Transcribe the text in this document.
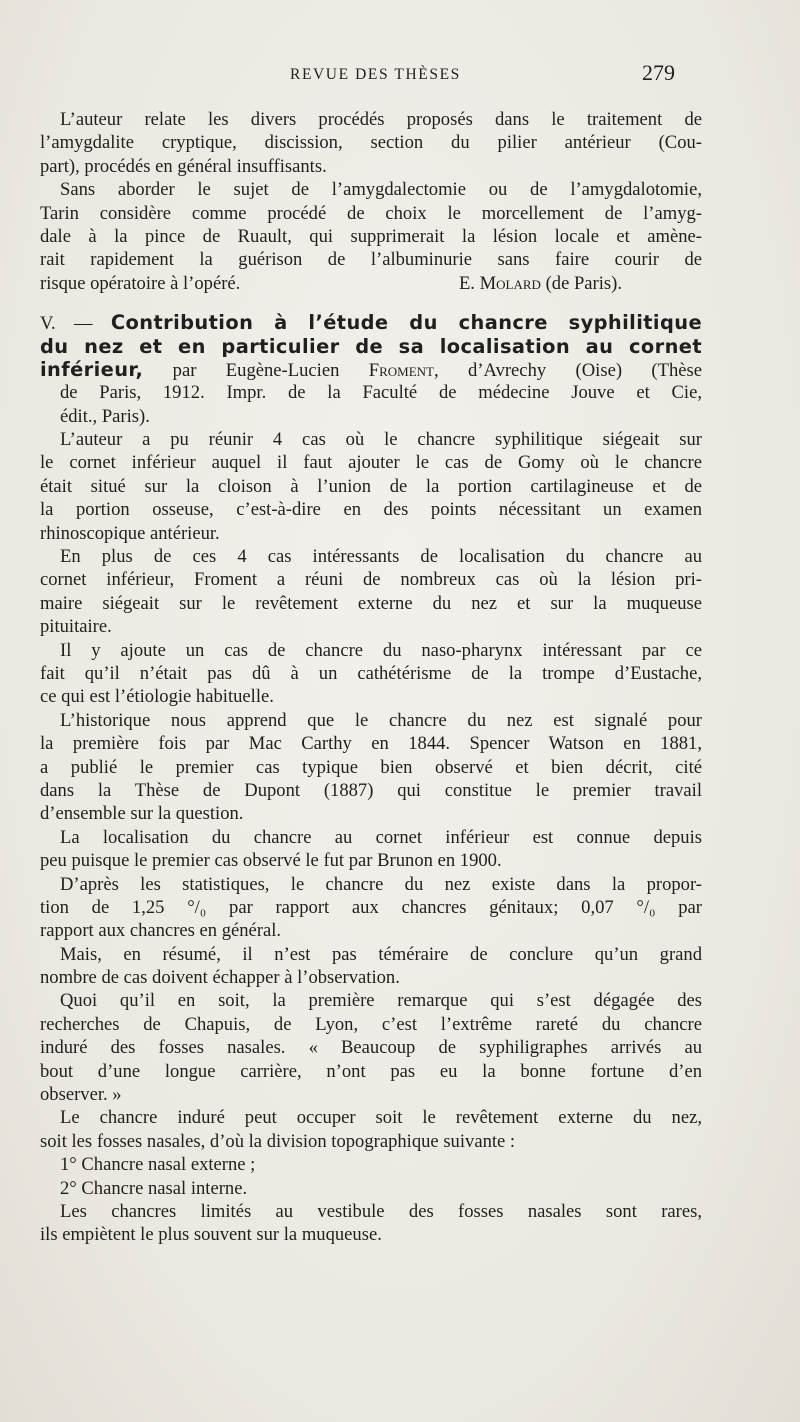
REVUE DES THÈSES	279
L’auteur relate les divers procédés proposés dans le traitement de
l’amygdalite cryptique, discission, section du pilier antérieur (Cou-
part), procédés en général insuffisants.
Sans aborder le sujet de l’amygdalectomie ou de l’amygdalotomie,
Tarin considère comme procédé de choix le morcellement de l’amyg-
dale à la pince de Ruault, qui supprimerait la lésion locale et amène-
rait rapidement la guérison de l’albuminurie sans faire courir de
risque opératoire à l’opéré.	E. Molard (de Paris).
V. — Contribution à l’étude du chancre syphilitique
du nez et en particulier de sa localisation au cornet
inférieur, par Eugène-Lucien Froment, d’Avrechy (Oise) (Thèse
de Paris, 1912. Impr. de la Faculté de médecine Jouve et Cie,
édit., Paris).
L’auteur a pu réunir 4 cas où le chancre syphilitique siégeait sur
le cornet inférieur auquel il faut ajouter le cas de Gomy où le chancre
était situé sur la cloison à l’union de la portion cartilagineuse et de
la portion osseuse, c’est-à-dire en des points nécessitant un examen
rhinoscopique antérieur.
En plus de ces 4 cas intéressants de localisation du chancre au
cornet inférieur, Froment a réuni de nombreux cas où la lésion pri-
maire siégeait sur le revêtement externe du nez et sur la muqueuse
pituitaire.
Il y ajoute un cas de chancre du naso-pharynx intéressant par ce
fait qu’il n’était pas dû à un cathétérisme de la trompe d’Eustache,
ce qui est l’étiologie habituelle.
L’historique nous apprend que le chancre du nez est signalé pour
la première fois par Mac Carthy en 1844. Spencer Watson en 1881,
a publié le premier cas typique bien observé et bien décrit, cité
dans la Thèse de Dupont (1887) qui constitue le premier travail
d’ensemble sur la question.
La localisation du chancre au cornet inférieur est connue depuis
peu puisque le premier cas observé le fut par Brunon en 1900.
D’après les statistiques, le chancre du nez existe dans la propor-
tion de 1,25 °/₀ par rapport aux chancres génitaux; 0,07 °/₀ par
rapport aux chancres en général.
Mais, en résumé, il n’est pas téméraire de conclure qu’un grand
nombre de cas doivent échapper à l’observation.
Quoi qu’il en soit, la première remarque qui s’est dégagée des
recherches de Chapuis, de Lyon, c’est l’extrême rareté du chancre
induré des fosses nasales. « Beaucoup de syphiligraphes arrivés au
bout d’une longue carrière, n’ont pas eu la bonne fortune d’en
observer. »
Le chancre induré peut occuper soit le revêtement externe du nez,
soit les fosses nasales, d’où la division topographique suivante :
1° Chancre nasal externe ;
2° Chancre nasal interne.
Les chancres limités au vestibule des fosses nasales sont rares,
ils empiètent le plus souvent sur la muqueuse.
